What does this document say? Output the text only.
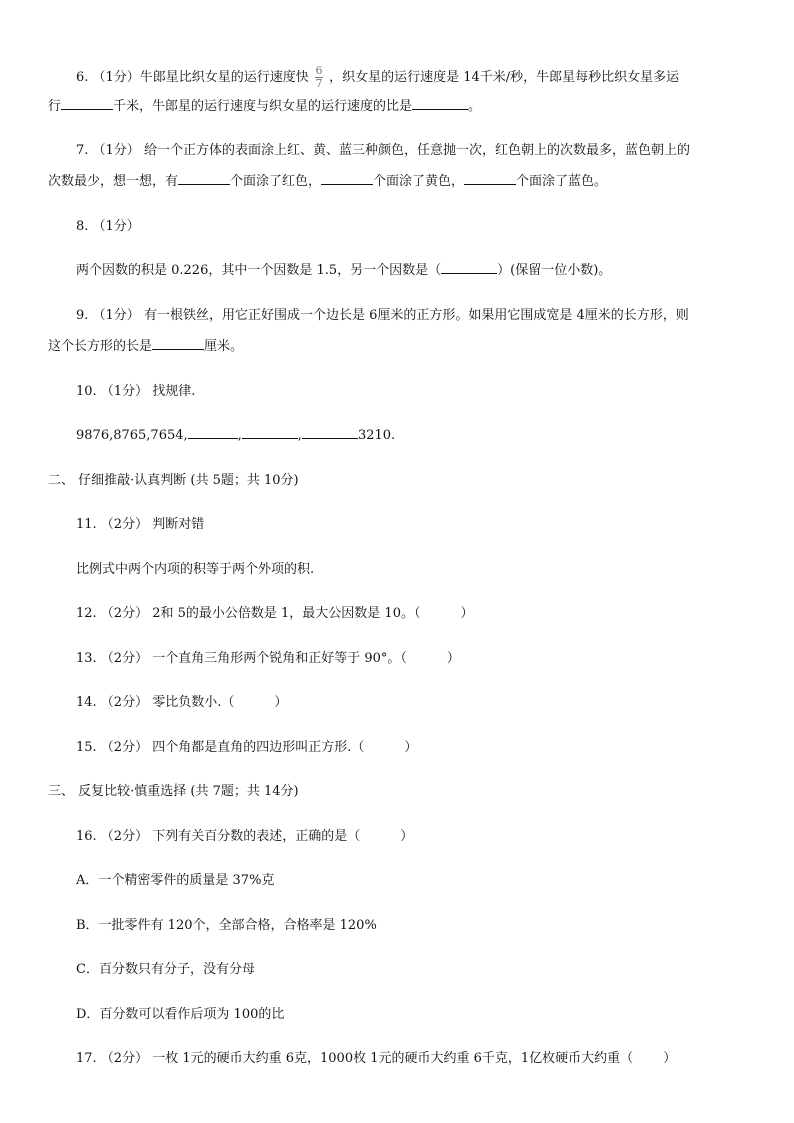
6. （1分）牛郎星比织女星的运行速度快 $\frac{6}{7}$ ，织女星的运行速度是 14千米/秒，牛郎星每秒比织女星多运
行	千米，牛郎星的运行速度与织女星的运行速度的比是	。
7. （1分） 给一个正方体的表面涂上红、黄、蓝三种颜色，任意抛一次，红色朝上的次数最多，蓝色朝上的
次数最少，想一想，有	个面涂了红色，	个面涂了黄色，	个面涂了蓝色。
8. （1分）
两个因数的积是 0.226，其中一个因数是 1.5，另一个因数是（	）(保留一位小数)。
9. （1分） 有一根铁丝，用它正好围成一个边长是 6厘米的正方形。如果用它围成宽是 4厘米的长方形，则
这个长方形的长是	厘米。
10. （1分） 找规律.
9876,8765,7654,	,	,	3210.
二、 仔细推敲·认真判断 (共 5题；共 10分)
11. （2分） 判断对错
比例式中两个内项的积等于两个外项的积.
12. （2分） 2和 5的最小公倍数是 1，最大公因数是 10。（	）
13. （2分） 一个直角三角形两个锐角和正好等于 90°。（	）
14. （2分） 零比负数小.（	）
15. （2分） 四个角都是直角的四边形叫正方形.（	）
三、 反复比较·慎重选择 (共 7题；共 14分)
16. （2分） 下列有关百分数的表述，正确的是（	）
A．一个精密零件的质量是 37%克
B．一批零件有 120个，全部合格，合格率是 120%
C．百分数只有分子，没有分母
D．百分数可以看作后项为 100的比
17. （2分） 一枚 1元的硬币大约重 6克，1000枚 1元的硬币大约重 6千克，1亿枚硬币大约重（ ）
